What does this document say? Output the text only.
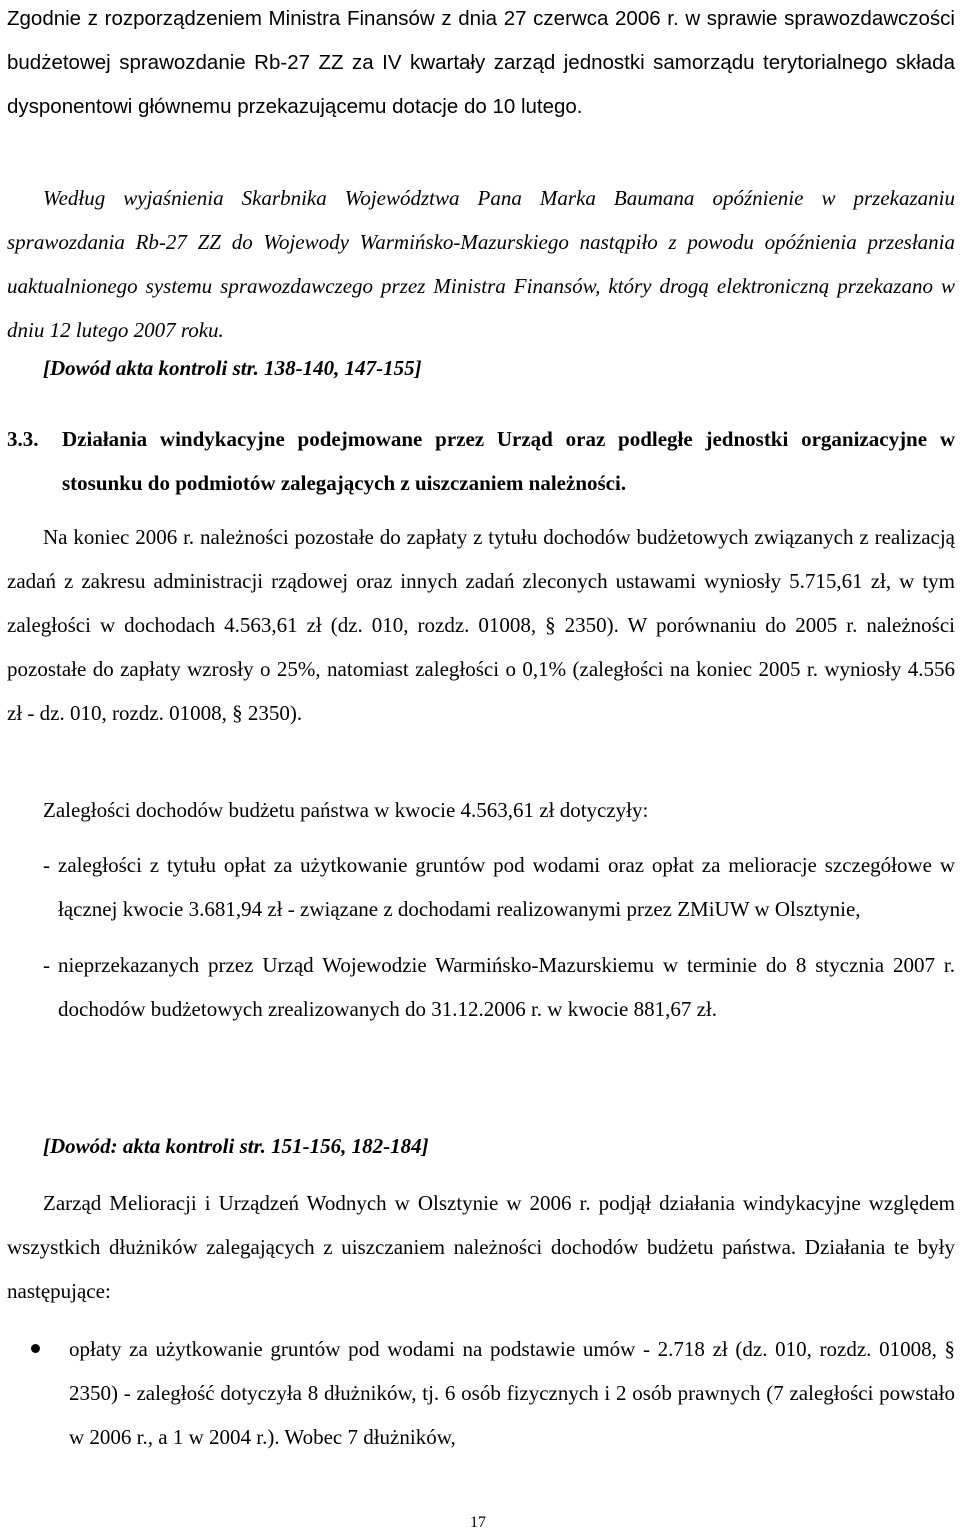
Zgodnie z rozporządzeniem Ministra Finansów z dnia 27 czerwca 2006 r. w sprawie sprawozdawczości budżetowej sprawozdanie Rb-27 ZZ za IV kwartały zarząd jednostki samorządu terytorialnego składa dysponentowi głównemu przekazującemu dotacje do 10 lutego.

Według wyjaśnienia Skarbnika Województwa Pana Marka Baumana opóźnienie w przekazaniu sprawozdania Rb-27 ZZ do Wojewody Warmińsko-Mazurskiego nastąpiło z powodu opóźnienia przesłania uaktualnionego systemu sprawozdawczego przez Ministra Finansów, który drogą elektroniczną przekazano w dniu 12 lutego 2007 roku.

[Dowód akta kontroli str. 138-140, 147-155]

3.3. Działania windykacyjne podejmowane przez Urząd oraz podległe jednostki organizacyjne w stosunku do podmiotów zalegających z uiszczaniem należności.

Na koniec 2006 r. należności pozostałe do zapłaty z tytułu dochodów budżetowych związanych z realizacją zadań z zakresu administracji rządowej oraz innych zadań zleconych ustawami wyniosły 5.715,61 zł, w tym zaległości w dochodach 4.563,61 zł (dz. 010, rozdz. 01008, § 2350). W porównaniu do 2005 r. należności pozostałe do zapłaty wzrosły o 25%, natomiast zaległości o 0,1% (zaległości na koniec 2005 r. wyniosły 4.556 zł - dz. 010, rozdz. 01008, § 2350).

Zaległości dochodów budżetu państwa w kwocie 4.563,61 zł dotyczyły:

- zaległości z tytułu opłat za użytkowanie gruntów pod wodami oraz opłat za melioracje szczegółowe w łącznej kwocie 3.681,94 zł - związane z dochodami realizowanymi przez ZMiUW w Olsztynie,
- nieprzekazanych przez Urząd Wojewodzie Warmińsko-Mazurskiemu w terminie do 8 stycznia 2007 r. dochodów budżetowych zrealizowanych do 31.12.2006 r. w kwocie 881,67 zł.

[Dowód: akta kontroli str. 151-156, 182-184]

Zarząd Melioracji i Urządzeń Wodnych w Olsztynie w 2006 r. podjął działania windykacyjne względem wszystkich dłużników zalegających z uiszczaniem należności dochodów budżetu państwa. Działania te były następujące:

opłaty za użytkowanie gruntów pod wodami na podstawie umów - 2.718 zł (dz. 010, rozdz. 01008, § 2350) - zaległość dotyczyła 8 dłużników, tj. 6 osób fizycznych i 2 osób prawnych (7 zaległości powstało w 2006 r., a 1 w 2004 r.). Wobec 7 dłużników,

17
